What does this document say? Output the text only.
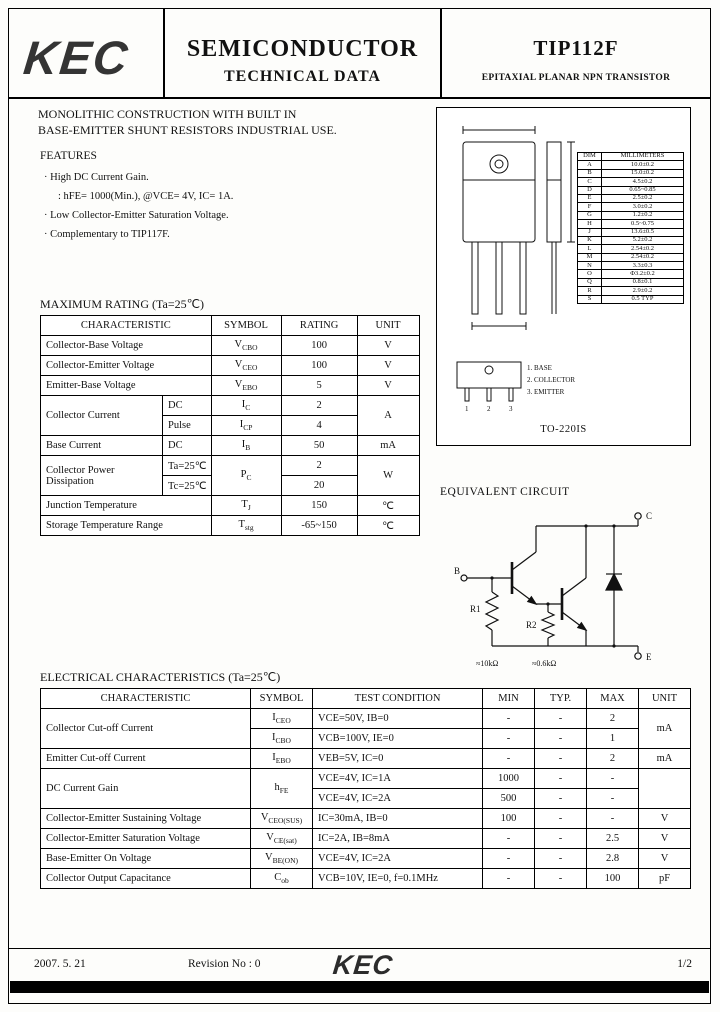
KEC	SEMICONDUCTOR
TECHNICAL DATA
TIP112F
EPITAXIAL PLANAR NPN TRANSISTOR
MONOLITHIC CONSTRUCTION WITH BUILT IN
BASE-EMITTER SHUNT RESISTORS INDUSTRIAL USE.
FEATURES
· High DC Current Gain.
: hFE= 1000(Min.), @VCE= 4V, IC= 1A.
· Low Collector-Emitter Saturation Voltage.
· Complementary to TIP117F.
MAXIMUM RATING (Ta=25℃)
CHARACTERISTIC		SYMBOL	RATING	UNIT
Collector-Base Voltage		$V_{CBO}$	100	V
Collector-Emitter Voltage		$V_{CEO}$	100	V
Emitter-Base Voltage		$V_{EBO}$	5	V
Collector Current	DC	$I_C$	2	A
	Pulse	$I_{CP}$	4	
Base Current	DC	$I_B$	50	mA
Collector Power Dissipation	Ta=25℃	$P_C$	2	W
	Tc=25℃		20	
Junction Temperature		$T_J$	150	℃
Storage Temperature Range		$T_{stg}$	-65~150	℃
DIM	MILLIMETERS
A	10.0±0.2
B	15.0±0.2
C	4.5±0.2
D	0.65~0.85
E	2.5±0.2
F	3.0±0.2
G	1.2±0.2
H	0.5~0.75
J	13.6±0.5
K	5.2±0.2
L	2.54±0.2
M	2.54±0.2
N	3.3±0.3
O	Φ3.2±0.2
Q	0.8±0.1
R	2.9±0.2
S	0.5 TYP
1	2	3
1. BASE
2. COLLECTOR
3. EMITTER
TO-220IS
EQUIVALENT CIRCUIT
B
C
E
R1
≈10kΩ
R2
≈0.6kΩ
ELECTRICAL CHARACTERISTICS (Ta=25℃)
CHARACTERISTIC	SYMBOL	TEST CONDITION	MIN	TYP.	MAX	UNIT
Collector Cut-off Current	$I_{CEO}$	VCE=50V, IB=0	-	-	2	mA
	$I_{CBO}$	VCB=100V, IE=0	-	-	1	
Emitter Cut-off Current	$I_{EBO}$	VEB=5V, IC=0	-	-	2	mA
DC Current Gain	$h_{FE}$	VCE=4V, IC=1A	1000	-	-	
		VCE=4V, IC=2A	500	-	-	
Collector-Emitter Sustaining Voltage	$V_{CEO(SUS)}$	IC=30mA, IB=0	100	-	-	V
Collector-Emitter Saturation Voltage	$V_{CE(sat)}$	IC=2A, IB=8mA	-	-	2.5	V
Base-Emitter On Voltage	$V_{BE(ON)}$	VCE=4V, IC=2A	-	-	2.8	V
Collector Output Capacitance	$C_{ob}$	VCB=10V, IE=0, f=0.1MHz	-	-	100	pF
2007. 5. 21	Revision No : 0	KEC	1/2
